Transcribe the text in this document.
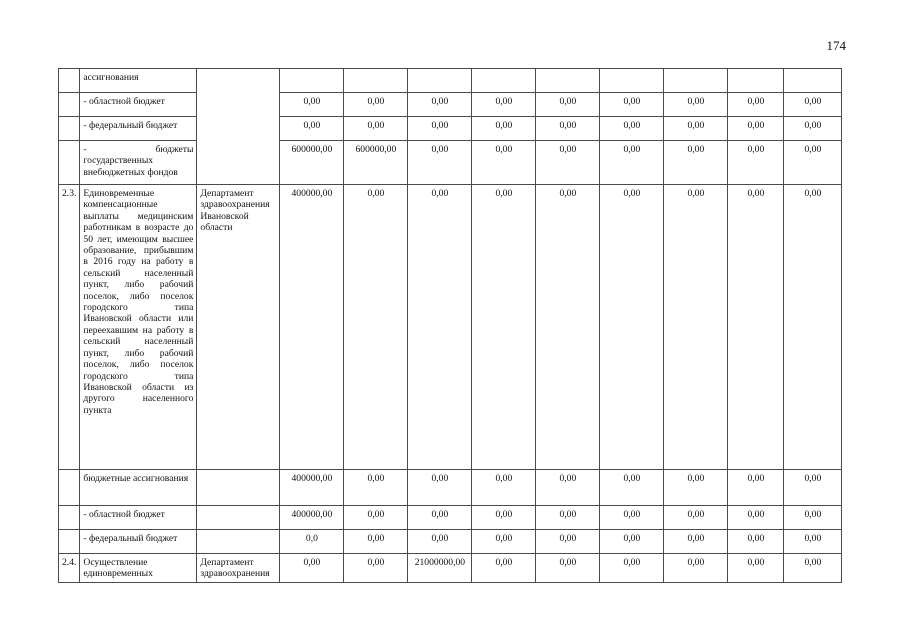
174

	ассигнования										

	- областной бюджет		0,00	0,00	0,00	0,00	0,00	0,00	0,00	0,00	0,00

	- федеральный бюджет		0,00	0,00	0,00	0,00	0,00	0,00	0,00	0,00	0,00

	- бюджеты государственных внебюджетных фондов		600000,00	600000,00	0,00	0,00	0,00	0,00	0,00	0,00	0,00
2.3.	Единовременные компенсационные выплаты медицинским работникам в возрасте до 50 лет, имеющим высшее образование, прибывшим в 2016 году на работу в сельский населенный пункт, либо рабочий поселок, либо поселок городского типа Ивановской области или переехавшим на работу в сельский населенный пункт, либо рабочий поселок, либо поселок городского типа Ивановской области из другого населенного пункта	Департамент здравоохранения Ивановской области	400000,00	0,00	0,00	0,00	0,00	0,00	0,00	0,00	0,00

	бюджетные ассигнования		400000,00	0,00	0,00	0,00	0,00	0,00	0,00	0,00	0,00

	- областной бюджет		400000,00	0,00	0,00	0,00	0,00	0,00	0,00	0,00	0,00

	- федеральный бюджет		0,0	0,00	0,00	0,00	0,00	0,00	0,00	0,00	0,00
2.4.	Осуществление единовременных	Департамент здравоохранения	0,00	0,00	21000000,00	0,00	0,00	0,00	0,00	0,00	0,00
